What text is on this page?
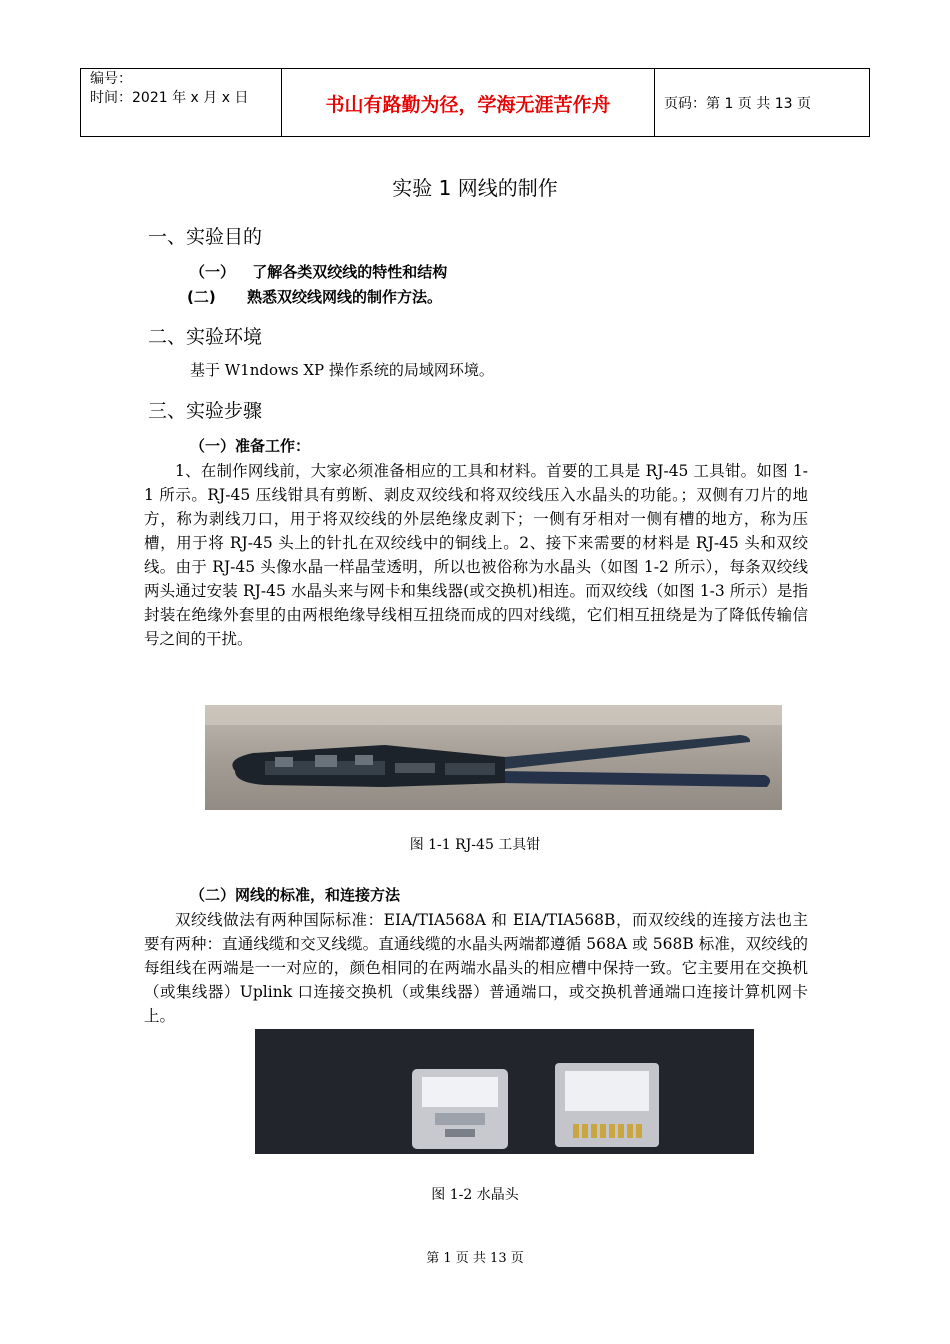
编号：
时间：2021 年 x 月 x 日	书山有路勤为径，学海无涯苦作舟	页码：第 1 页 共 13 页
实验 1 网线的制作
一、实验目的
（一） 了解各类双绞线的特性和结构
(二) 熟悉双绞线网线的制作方法。
二、实验环境
基于 W1ndows XP 操作系统的局域网环境。
三、实验步骤
（一）准备工作：
1、在制作网线前，大家必须准备相应的工具和材料。首要的工具是 RJ-45 工具钳。如图 1-1 所示。RJ-45 压线钳具有剪断、剥皮双绞线和将双绞线压入水晶头的功能。；双侧有刀片的地方，称为剥线刀口，用于将双绞线的外层绝缘皮剥下；一侧有牙相对一侧有槽的地方，称为压槽，用于将 RJ-45 头上的针扎在双绞线中的铜线上。2、接下来需要的材料是 RJ-45 头和双绞线。由于 RJ-45 头像水晶一样晶莹透明，所以也被俗称为水晶头（如图 1-2 所示），每条双绞线两头通过安装 RJ-45 水晶头来与网卡和集线器(或交换机)相连。而双绞线（如图 1-3 所示）是指封装在绝缘外套里的由两根绝缘导线相互扭绕而成的四对线缆，它们相互扭绕是为了降低传输信号之间的干扰。
图 1-1 RJ-45 工具钳
（二）网线的标准，和连接方法
双绞线做法有两种国际标准：EIA/TIA568A 和 EIA/TIA568B，而双绞线的连接方法也主要有两种：直通线缆和交叉线缆。直通线缆的水晶头两端都遵循 568A 或 568B 标准，双绞线的每组线在两端是一一对应的，颜色相同的在两端水晶头的相应槽中保持一致。它主要用在交换机（或集线器）Uplink 口连接交换机（或集线器）普通端口，或交换机普通端口连接计算机网卡上。
图 1-2 水晶头
第 1 页 共 13 页
